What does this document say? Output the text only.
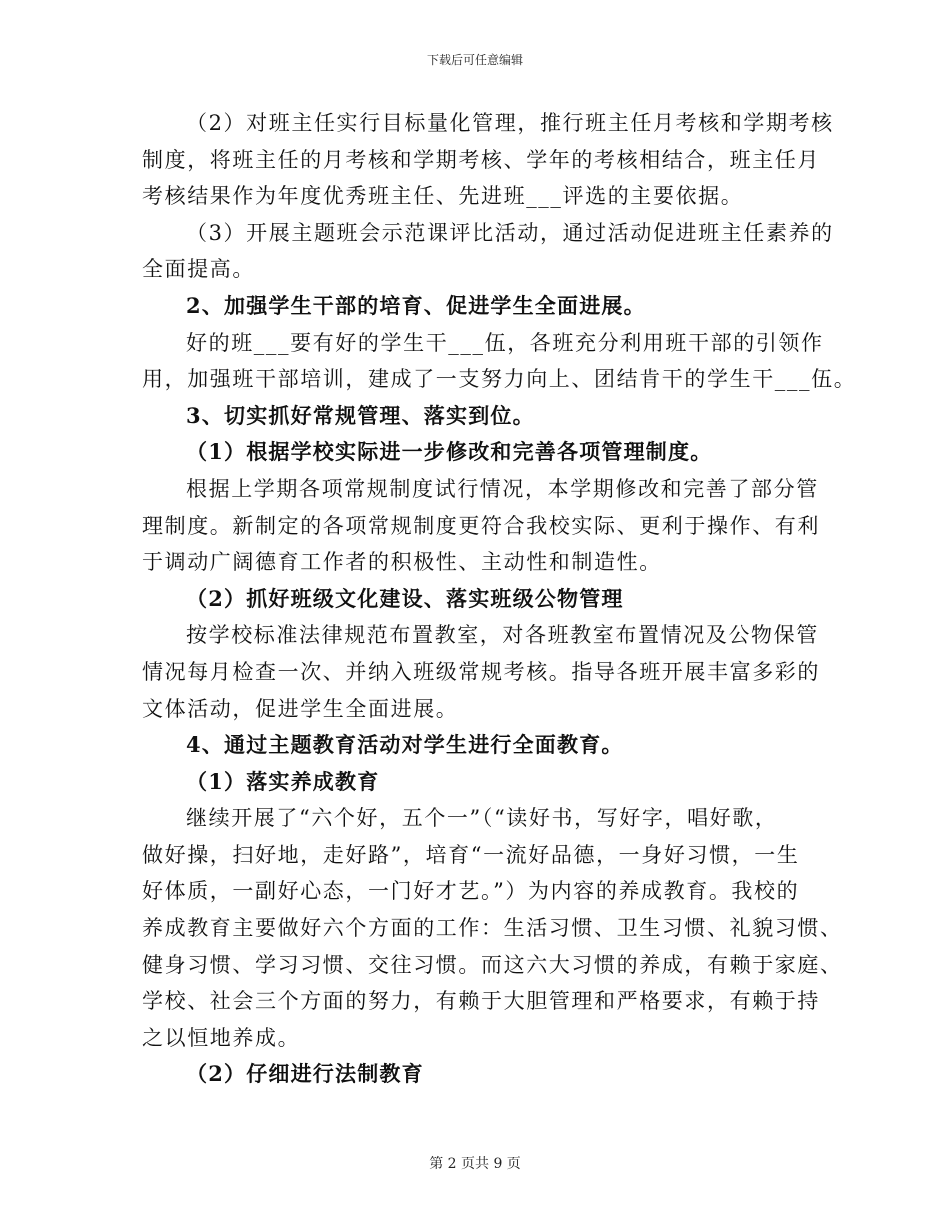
下载后可任意编辑
（2）对班主任实行目标量化管理，推行班主任月考核和学期考核
制度，将班主任的月考核和学期考核、学年的考核相结合，班主任月
考核结果作为年度优秀班主任、先进班___评选的主要依据。
（3）开展主题班会示范课评比活动，通过活动促进班主任素养的
全面提高。
2、加强学生干部的培育、促进学生全面进展。
好的班___要有好的学生干___伍，各班充分利用班干部的引领作
用，加强班干部培训，建成了一支努力向上、团结肯干的学生干___伍。
3、切实抓好常规管理、落实到位。
（1）根据学校实际进一步修改和完善各项管理制度。
根据上学期各项常规制度试行情况，本学期修改和完善了部分管
理制度。新制定的各项常规制度更符合我校实际、更利于操作、有利
于调动广阔德育工作者的积极性、主动性和制造性。
（2）抓好班级文化建设、落实班级公物管理
按学校标准法律规范布置教室，对各班教室布置情况及公物保管
情况每月检查一次、并纳入班级常规考核。指导各班开展丰富多彩的
文体活动，促进学生全面进展。
4、通过主题教育活动对学生进行全面教育。
（1）落实养成教育
继续开展了“六个好，五个一”（“读好书，写好字，唱好歌，
做好操，扫好地，走好路”，培育“一流好品德，一身好习惯，一生
好体质，一副好心态，一门好才艺。”）为内容的养成教育。我校的
养成教育主要做好六个方面的工作：生活习惯、卫生习惯、礼貌习惯、
健身习惯、学习习惯、交往习惯。而这六大习惯的养成，有赖于家庭、
学校、社会三个方面的努力，有赖于大胆管理和严格要求，有赖于持
之以恒地养成。
（2）仔细进行法制教育
第 2 页共 9 页
